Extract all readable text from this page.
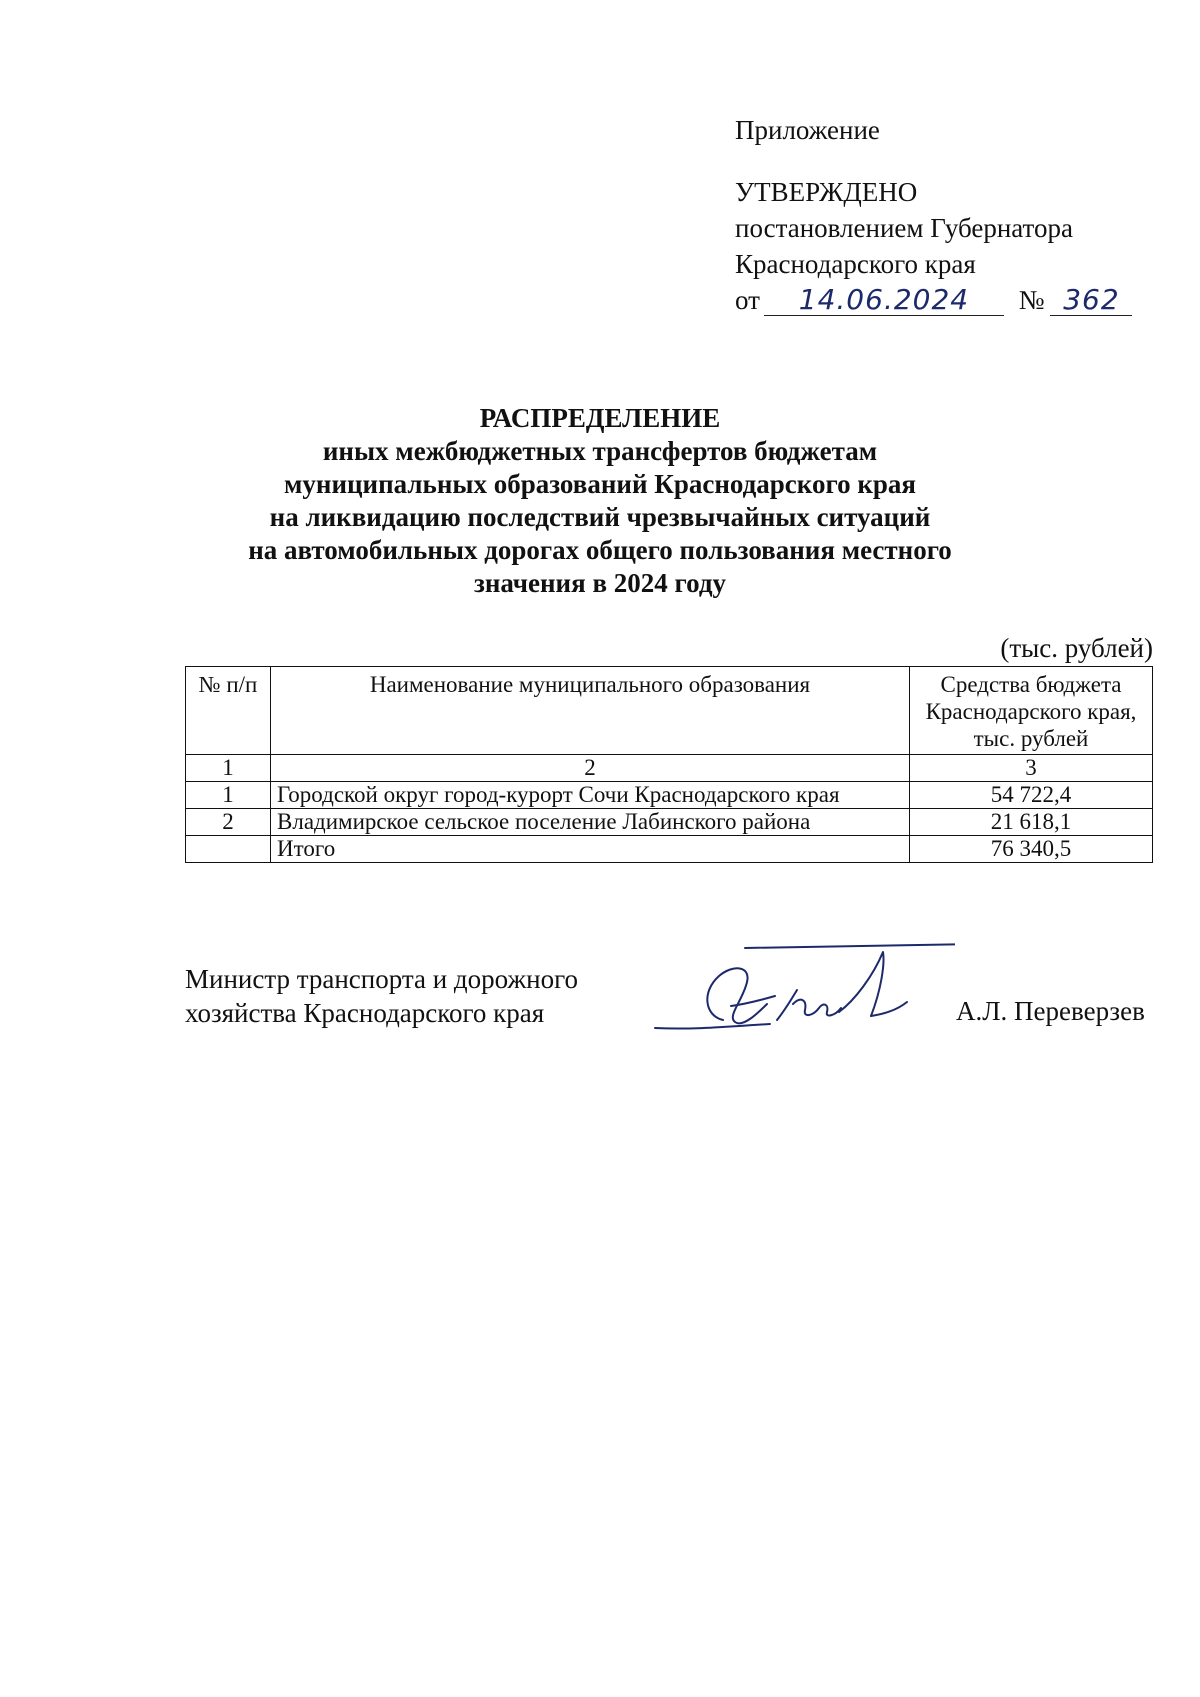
Приложение
УТВЕРЖДЕНО
постановлением Губернатора
Краснодарского края
от 14.06.2024 № 362
РАСПРЕДЕЛЕНИЕ
иных межбюджетных трансфертов бюджетам
муниципальных образований Краснодарского края
на ликвидацию последствий чрезвычайных ситуаций
на автомобильных дорогах общего пользования местного
значения в 2024 году
(тыс. рублей)
№ п/п	Наименование муниципального образования	Средства бюджета Краснодарского края, тыс. рублей
1	2	3
1	Городской округ город-курорт Сочи Краснодарского края	54 722,4
2	Владимирское сельское поселение Лабинского района	21 618,1
	Итого	76 340,5
Министр транспорта и дорожного
хозяйства Краснодарского края	А.Л. Переверзев
